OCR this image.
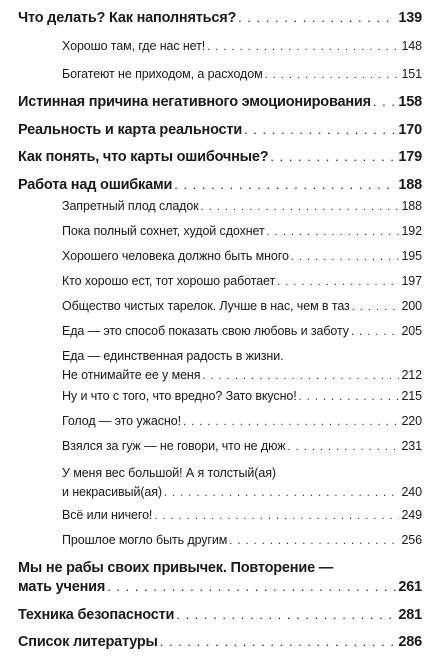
Что делать? Как наполняться? . . .	139
Хорошо там, где нас нет! . . .	148
Богатеют не приходом, а расходом . . .	151
Истинная причина негативного эмоционирования . . . 158
Реальность и карта реальности . . .	170
Как понять, что карты ошибочные? . . .	179
Работа над ошибками . . .	188
Запретный плод сладок . . .	188
Пока полный сохнет, худой сдохнет . . .	192
Хорошего человека должно быть много . . .	195
Кто хорошо ест, тот хорошо работает . . .	197
Общество чистых тарелок. Лучше в нас, чем в таз . . .	200
Еда — это способ показать свою любовь и заботу . . .	205
Еда — единственная радость в жизни.
Не отнимайте ее у меня . . .	212
Ну и что с того, что вредно? Зато вкусно! . . .	215
Голод — это ужасно! . . .	220
Взялся за гуж — не говори, что не дюж . . .	231
У меня вес большой! А я толстый(ая)
и некрасивый(ая) . . .	240
Всё или ничего! . . .	249
Прошлое могло быть другим . . .	256
Мы не рабы своих привычек. Повторение —
мать учения . . .	261
Техника безопасности . . .	281
Список литературы . . .	286
